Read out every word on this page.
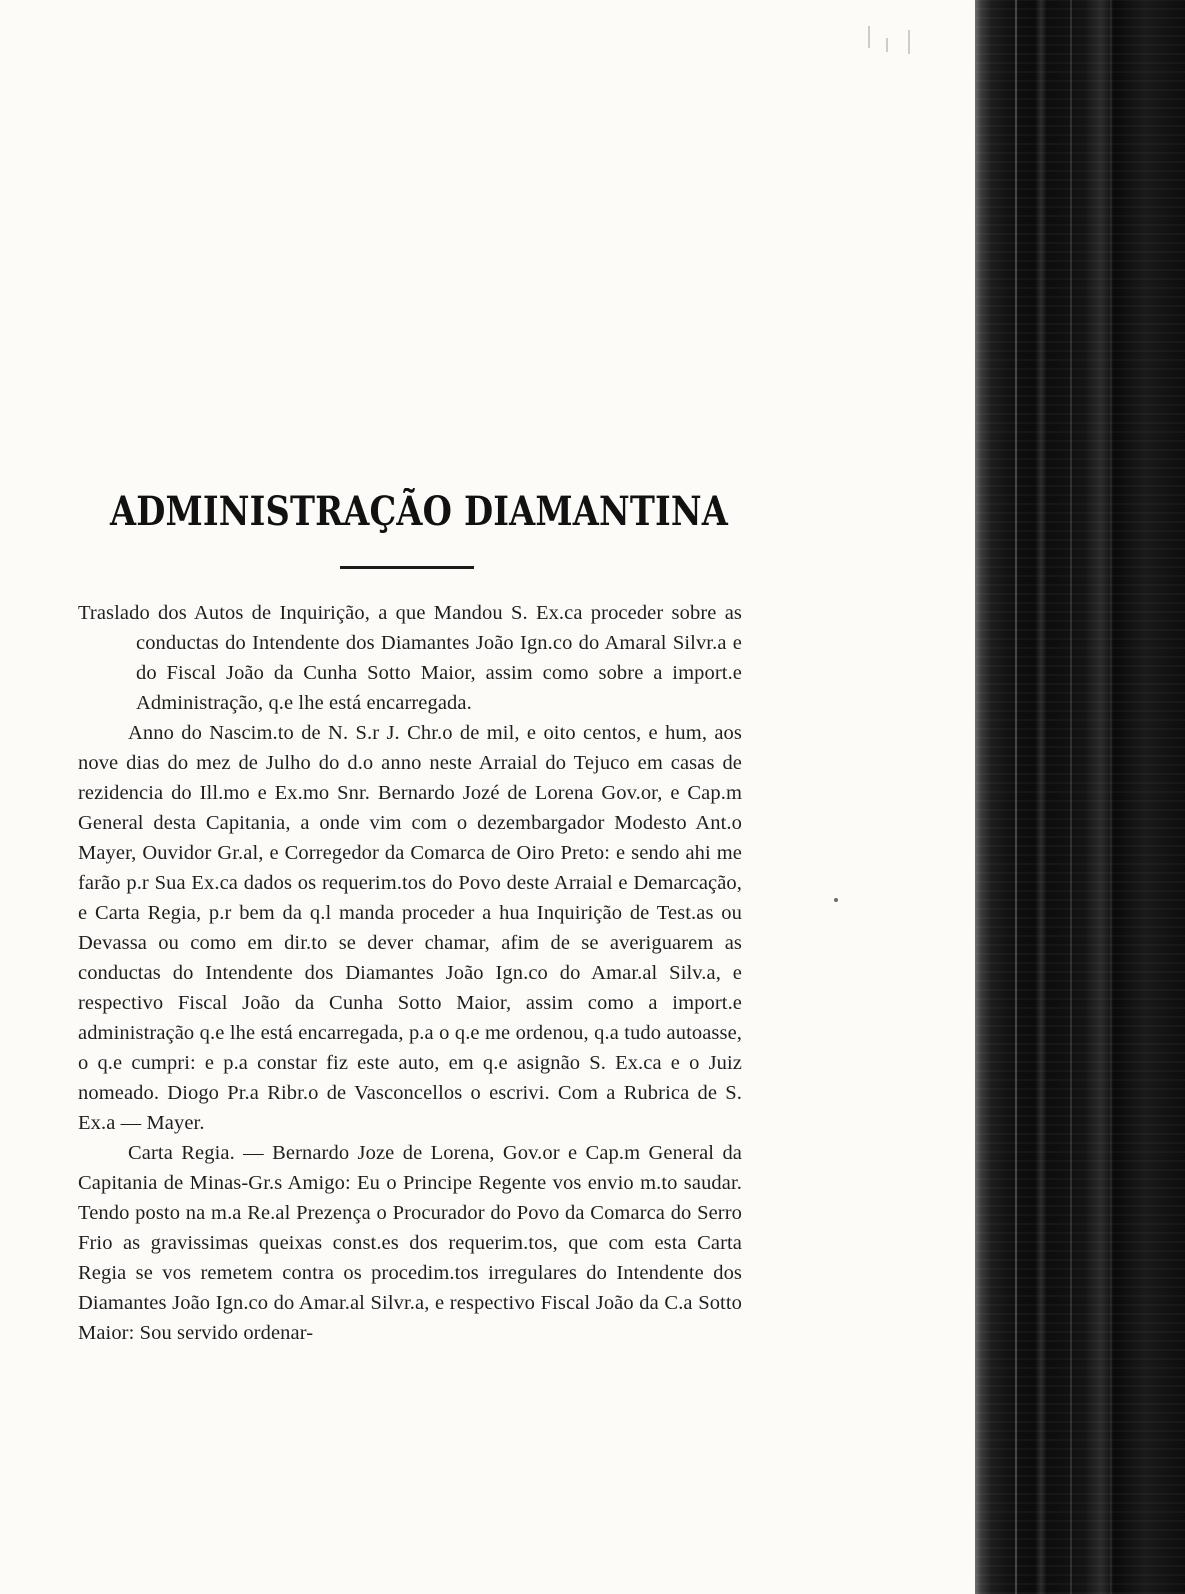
ADMINISTRAÇÃO DIAMANTINA

Traslado dos Autos de Inquirição, a que Mandou S. Ex.ca proceder sobre as conductas do Intendente dos Diamantes João Ign.co do Amaral Silvr.a e do Fiscal João da Cunha Sotto Maior, assim como sobre a import.e Administração, q.e lhe está encarregada.

Anno do Nascim.to de N. S.r J. Chr.o de mil, e oito centos, e hum, aos nove dias do mez de Julho do d.o anno neste Arraial do Tejuco em casas de rezidencia do Ill.mo e Ex.mo Snr. Bernardo Jozé de Lorena Gov.or, e Cap.m General desta Capitania, a onde vim com o dezembargador Modesto Ant.o Mayer, Ouvidor Gr.al, e Corregedor da Comarca de Oiro Preto: e sendo ahi me farão p.r Sua Ex.ca dados os requerim.tos do Povo deste Arraial e Demarcação, e Carta Regia, p.r bem da q.l manda proceder a hua Inquirição de Test.as ou Devassa ou como em dir.to se dever chamar, afim de se averiguarem as conductas do Intendente dos Diamantes João Ign.co do Amar.al Silv.a, e respectivo Fiscal João da Cunha Sotto Maior, assim como a import.e administração q.e lhe está encarregada, p.a o q.e me ordenou, q.a tudo autoasse, o q.e cumpri: e p.a constar fiz este auto, em q.e asignão S. Ex.ca e o Juiz nomeado. Diogo Pr.a Ribr.o de Vasconcellos o escrivi. Com a Rubrica de S. Ex.a — Mayer.

Carta Regia. — Bernardo Joze de Lorena, Gov.or e Cap.m General da Capitania de Minas-Gr.s Amigo: Eu o Principe Regente vos envio m.to saudar. Tendo posto na m.a Re.al Prezença o Procurador do Povo da Comarca do Serro Frio as gravissimas queixas const.es dos requerim.tos, que com esta Carta Regia se vos remetem contra os procedim.tos irregulares do Intendente dos Diamantes João Ign.co do Amar.al Silvr.a, e respectivo Fiscal João da C.a Sotto Maior: Sou servido ordenar-
